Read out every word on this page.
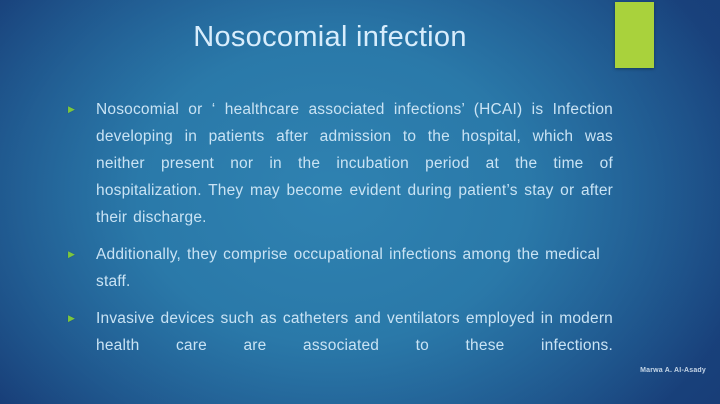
Nosocomial infection
▶ Nosocomial or ‘ healthcare associated infections’ (HCAI) is Infection developing in patients after admission to the hospital, which was neither present nor in the incubation period at the time of hospitalization. They may become evident during patient’s stay or after their discharge.

▶ Additionally, they comprise occupational infections among the medical staff.

▶ Invasive devices such as catheters and ventilators employed in modern health care are associated to these infections.

Marwa A. Al-Asady
